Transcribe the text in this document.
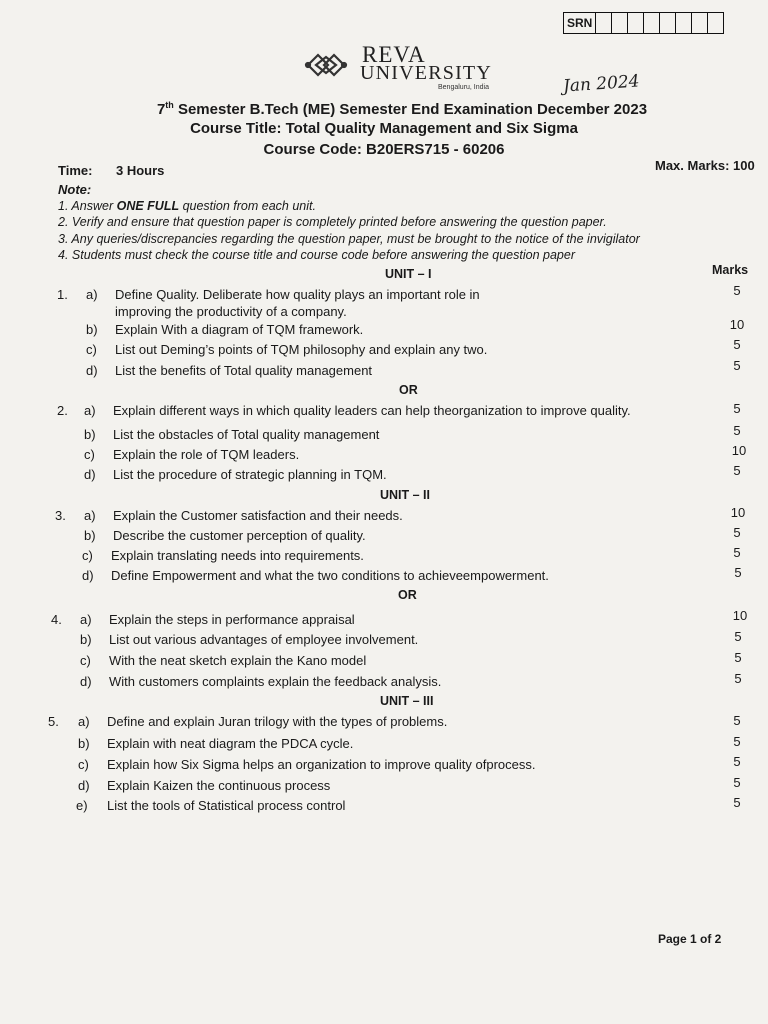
SRN
REVA
UNIVERSITY
Bengaluru, India	Jan 2024
7th Semester B.Tech (ME) Semester End Examination December 2023
Course Title: Total Quality Management and Six Sigma
Course Code: B20ERS715 - 60206
Time: 3 Hours	Max. Marks: 100
Note:
1. Answer ONE FULL question from each unit.
2. Verify and ensure that question paper is completely printed before answering the question paper.
3. Any queries/discrepancies regarding the question paper, must be brought to the notice of the invigilator
4. Students must check the course title and course code before answering the question paper
UNIT – I	Marks
1. a) Define Quality. Deliberate how quality plays an important role in	5
improving the productivity of a company.
b) Explain With a diagram of TQM framework.	10
c) List out Deming’s points of TQM philosophy and explain any two.	5
d) List the benefits of Total quality management	5
OR
2. a) Explain different ways in which quality leaders can help theorganization to improve quality.	5
b) List the obstacles of Total quality management	5
c) Explain the role of TQM leaders.	10
d) List the procedure of strategic planning in TQM.	5
UNIT – II
3. a) Explain the Customer satisfaction and their needs.	10
b) Describe the customer perception of quality.	5
c) Explain translating needs into requirements.	5
d) Define Empowerment and what the two conditions to achieveempowerment.	5
OR
4. a) Explain the steps in performance appraisal	10
b) List out various advantages of employee involvement.	5
c) With the neat sketch explain the Kano model	5
d) With customers complaints explain the feedback analysis.	5
UNIT – III
5. a) Define and explain Juran trilogy with the types of problems.	5
b) Explain with neat diagram the PDCA cycle.	5
c) Explain how Six Sigma helps an organization to improve quality ofprocess.	5
d) Explain Kaizen the continuous process	5
e) List the tools of Statistical process control	5
Page 1 of 2
